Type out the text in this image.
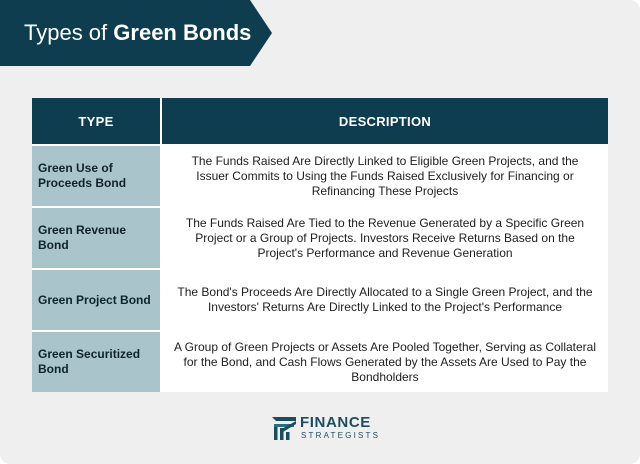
Types of Green Bonds
TYPE	DESCRIPTION
Green Use of Proceeds Bond	The Funds Raised Are Directly Linked to Eligible Green Projects, and the Issuer Commits to Using the Funds Raised Exclusively for Financing or Refinancing These Projects
Green Revenue Bond	The Funds Raised Are Tied to the Revenue Generated by a Specific Green Project or a Group of Projects. Investors Receive Returns Based on the Project's Performance and Revenue Generation
Green Project Bond	The Bond's Proceeds Are Directly Allocated to a Single Green Project, and the Investors' Returns Are Directly Linked to the Project's Performance
Green Securitized Bond	A Group of Green Projects or Assets Are Pooled Together, Serving as Collateral for the Bond, and Cash Flows Generated by the Assets Are Used to Pay the Bondholders
FINANCE
STRATEGISTS
